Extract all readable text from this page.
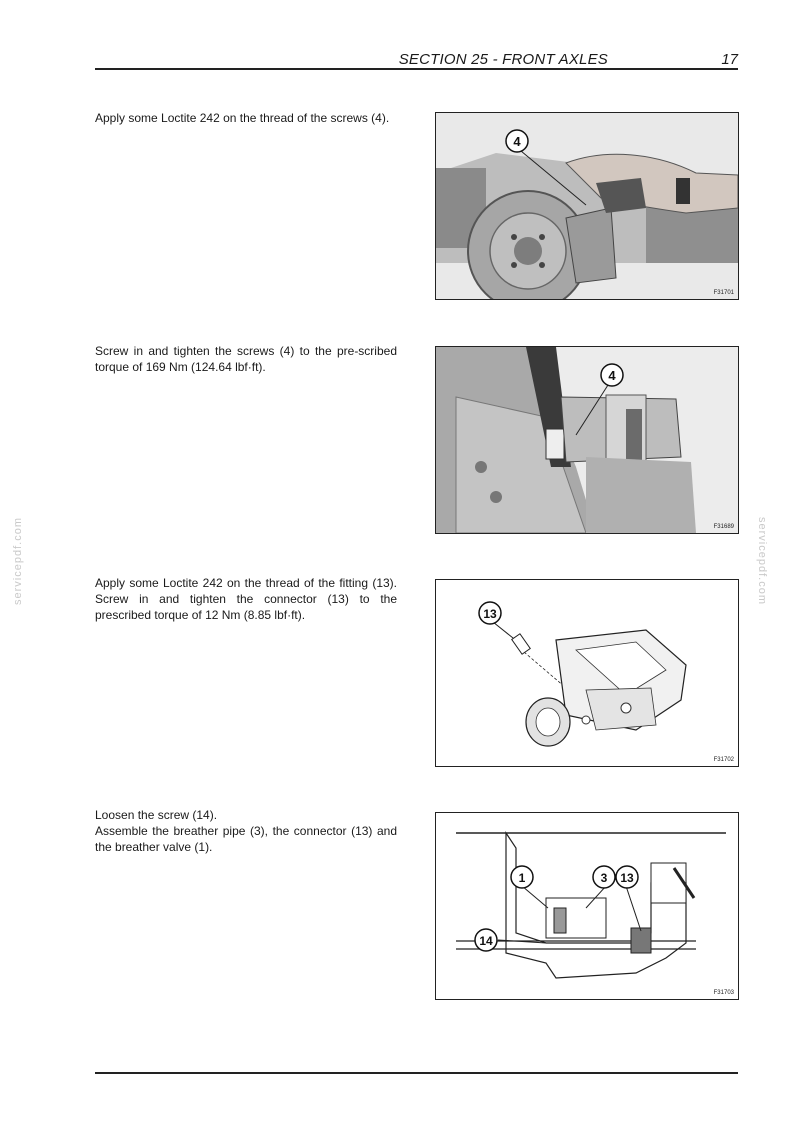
SECTION 25 - FRONT AXLES	17
servicepdf.com	servicepdf.com

Apply some Loctite 242 on the thread of the screws (4).

4
F31701

Screw in and tighten the screws (4) to the pre-scribed torque of 169 Nm (124.64 lbf·ft).

4
F31689

Apply some Loctite 242 on the thread of the fitting (13). Screw in and tighten the connector (13) to the prescribed torque of 12 Nm (8.85 lbf·ft).	13
F31702

Loosen the screw (14).

Assemble the breather pipe (3), the connector (13) and the breather valve (1).

1	3 13
14
F31703
